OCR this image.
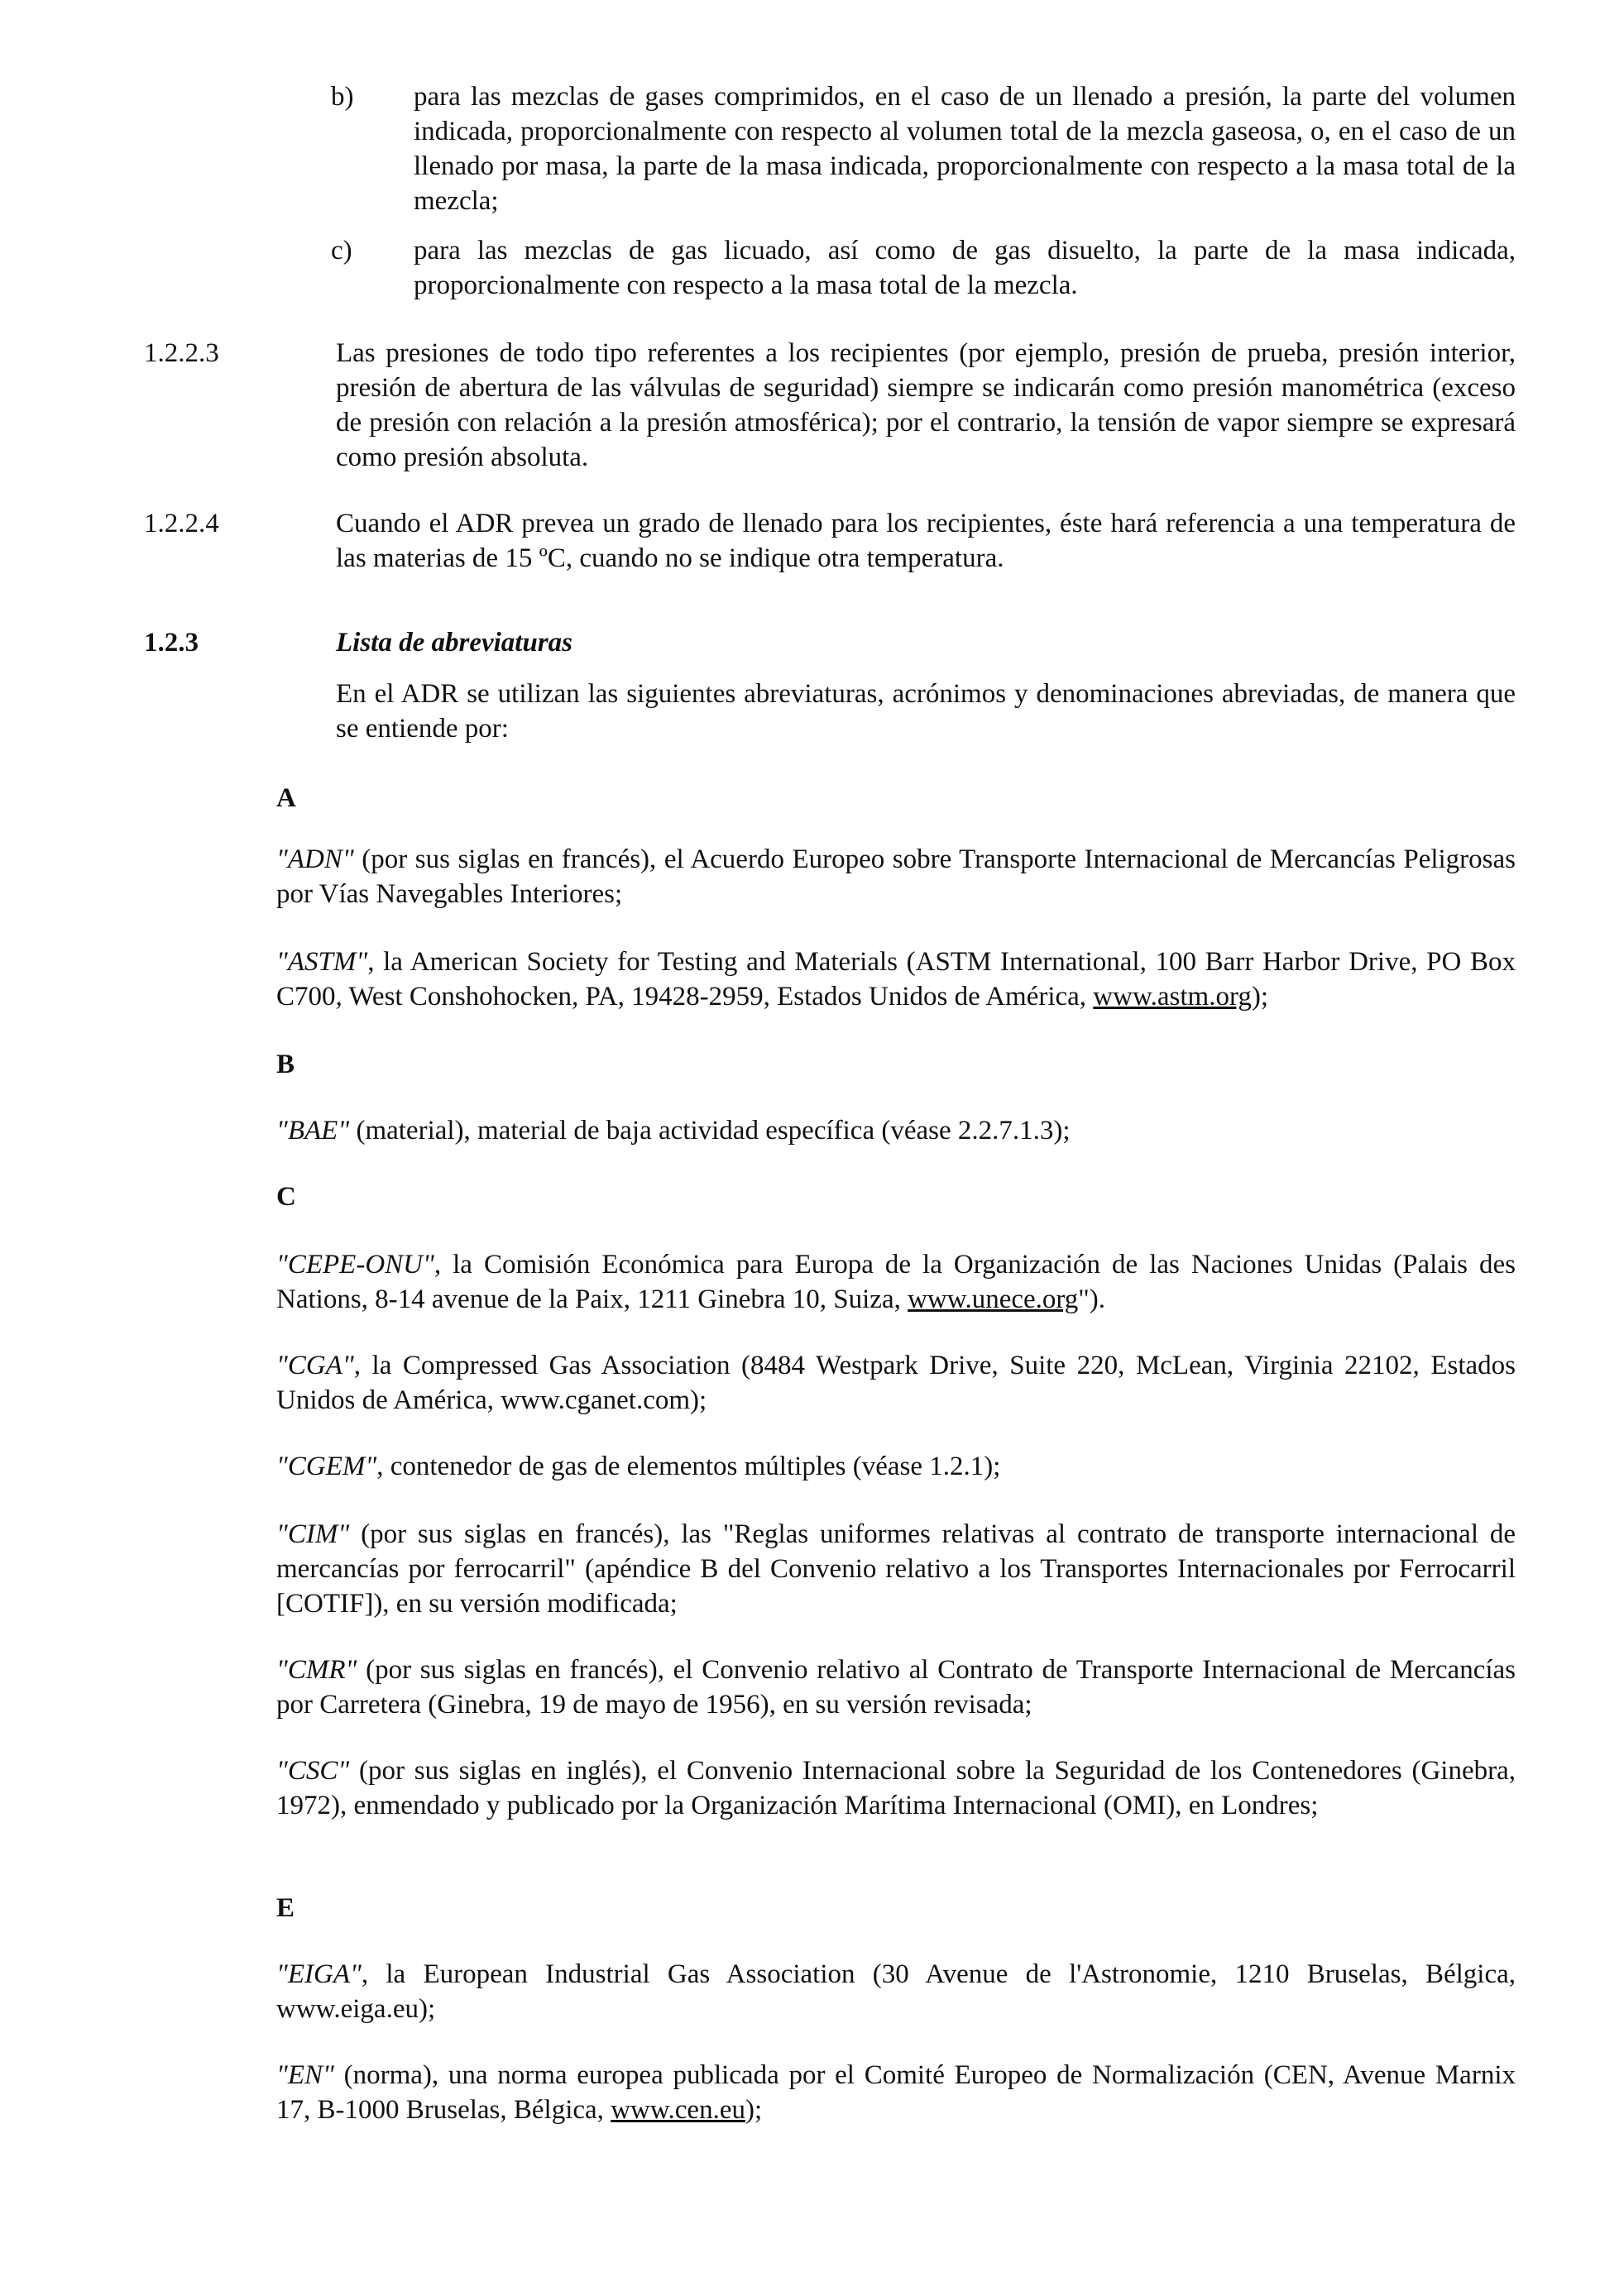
b)	para las mezclas de gases comprimidos, en el caso de un llenado a presión, la parte del volumen indicada, proporcionalmente con respecto al volumen total de la mezcla gaseosa, o, en el caso de un llenado por masa, la parte de la masa indicada, proporcionalmente con respecto a la masa total de la mezcla;

c)	para las mezclas de gas licuado, así como de gas disuelto, la parte de la masa indicada, proporcionalmente con respecto a la masa total de la mezcla.

1.2.2.3	Las presiones de todo tipo referentes a los recipientes (por ejemplo, presión de prueba, presión interior, presión de abertura de las válvulas de seguridad) siempre se indicarán como presión manométrica (exceso de presión con relación a la presión atmosférica); por el contrario, la tensión de vapor siempre se expresará como presión absoluta.

1.2.2.4	Cuando el ADR prevea un grado de llenado para los recipientes, éste hará referencia a una temperatura de las materias de 15 ºC, cuando no se indique otra temperatura.

1.2.3	Lista de abreviaturas

En el ADR se utilizan las siguientes abreviaturas, acrónimos y denominaciones abreviadas, de manera que se entiende por:

A

"ADN" (por sus siglas en francés), el Acuerdo Europeo sobre Transporte Internacional de Mercancías Peligrosas por Vías Navegables Interiores;

"ASTM", la American Society for Testing and Materials (ASTM International, 100 Barr Harbor Drive, PO Box C700, West Conshohocken, PA, 19428-2959, Estados Unidos de América, www.astm.org);

B

"BAE" (material), material de baja actividad específica (véase 2.2.7.1.3);

C

"CEPE-ONU", la Comisión Económica para Europa de la Organización de las Naciones Unidas (Palais des Nations, 8-14 avenue de la Paix, 1211 Ginebra 10, Suiza, www.unece.org").

"CGA", la Compressed Gas Association (8484 Westpark Drive, Suite 220, McLean, Virginia 22102, Estados Unidos de América, www.cganet.com);

"CGEM", contenedor de gas de elementos múltiples (véase 1.2.1);

"CIM" (por sus siglas en francés), las "Reglas uniformes relativas al contrato de transporte internacional de mercancías por ferrocarril" (apéndice B del Convenio relativo a los Transportes Internacionales por Ferrocarril [COTIF]), en su versión modificada;

"CMR" (por sus siglas en francés), el Convenio relativo al Contrato de Transporte Internacional de Mercancías por Carretera (Ginebra, 19 de mayo de 1956), en su versión revisada;

"CSC" (por sus siglas en inglés), el Convenio Internacional sobre la Seguridad de los Contenedores (Ginebra, 1972), enmendado y publicado por la Organización Marítima Internacional (OMI), en Londres;

E

"EIGA", la European Industrial Gas Association (30 Avenue de l'Astronomie, 1210 Bruselas, Bélgica, www.eiga.eu);

"EN" (norma), una norma europea publicada por el Comité Europeo de Normalización (CEN, Avenue Marnix 17, B-1000 Bruselas, Bélgica, www.cen.eu);
